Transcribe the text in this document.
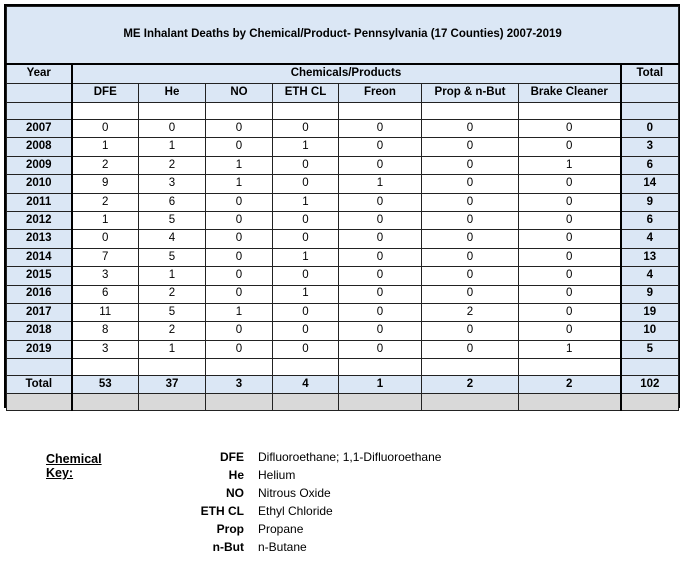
ME Inhalant Deaths by Chemical/Product- Pennsylvania (17 Counties) 2007-2019								
Year	Chemicals/Products							Total
	DFE	He	NO	ETH CL	Freon	Prop & n-But	Brake Cleaner	

2007	0	0	0	0	0	0	0	0
2008	1	1	0	1	0	0	0	3
2009	2	2	1	0	0	0	1	6
2010	9	3	1	0	1	0	0	14
2011	2	6	0	1	0	0	0	9
2012	1	5	0	0	0	0	0	6
2013	0	4	0	0	0	0	0	4
2014	7	5	0	1	0	0	0	13
2015	3	1	0	0	0	0	0	4
2016	6	2	0	1	0	0	0	9
2017	11	5	1	0	0	2	0	19
2018	8	2	0	0	0	0	0	10
2019	3	1	0	0	0	0	1	5

Total	53	37	3	4	1	2	2	102

Chemical Key:
DFE Difluoroethane; 1,1-Difluoroethane
He Helium
NO Nitrous Oxide
ETH CL Ethyl Chloride
Prop Propane
n-But n-Butane
